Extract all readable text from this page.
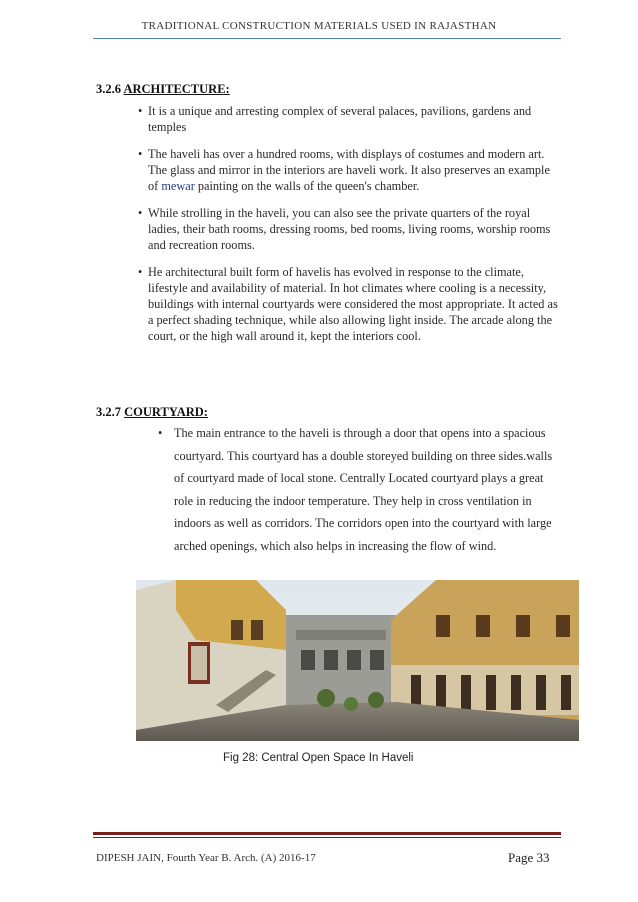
TRADITIONAL CONSTRUCTION MATERIALS USED IN RAJASTHAN
3.2.6 ARCHITECTURE:
• It is a unique and arresting complex of several palaces, pavilions, gardens and temples
• The haveli has over a hundred rooms, with displays of costumes and modern art. The glass and mirror in the interiors are haveli work. It also preserves an example of mewar painting on the walls of the queen's chamber.
• While strolling in the haveli, you can also see the private quarters of the royal ladies, their bath rooms, dressing rooms, bed rooms, living rooms, worship rooms and recreation rooms.
• He architectural built form of havelis has evolved in response to the climate, lifestyle and availability of material. In hot climates where cooling is a necessity, buildings with internal courtyards were considered the most appropriate. It acted as a perfect shading technique, while also allowing light inside. The arcade along the court, or the high wall around it, kept the interiors cool.
3.2.7 COURTYARD:
• The main entrance to the haveli is through a door that opens into a spacious courtyard. This courtyard has a double storeyed building on three sides.walls of courtyard made of local stone. Centrally Located courtyard plays a great role in reducing the indoor temperature. They help in cross ventilation in indoors as well as corridors. The corridors open into the courtyard with large arched openings, which also helps in increasing the flow of wind.
Fig 28: Central Open Space In Haveli
DIPESH JAIN, Fourth Year B. Arch. (A) 2016-17	Page 33
